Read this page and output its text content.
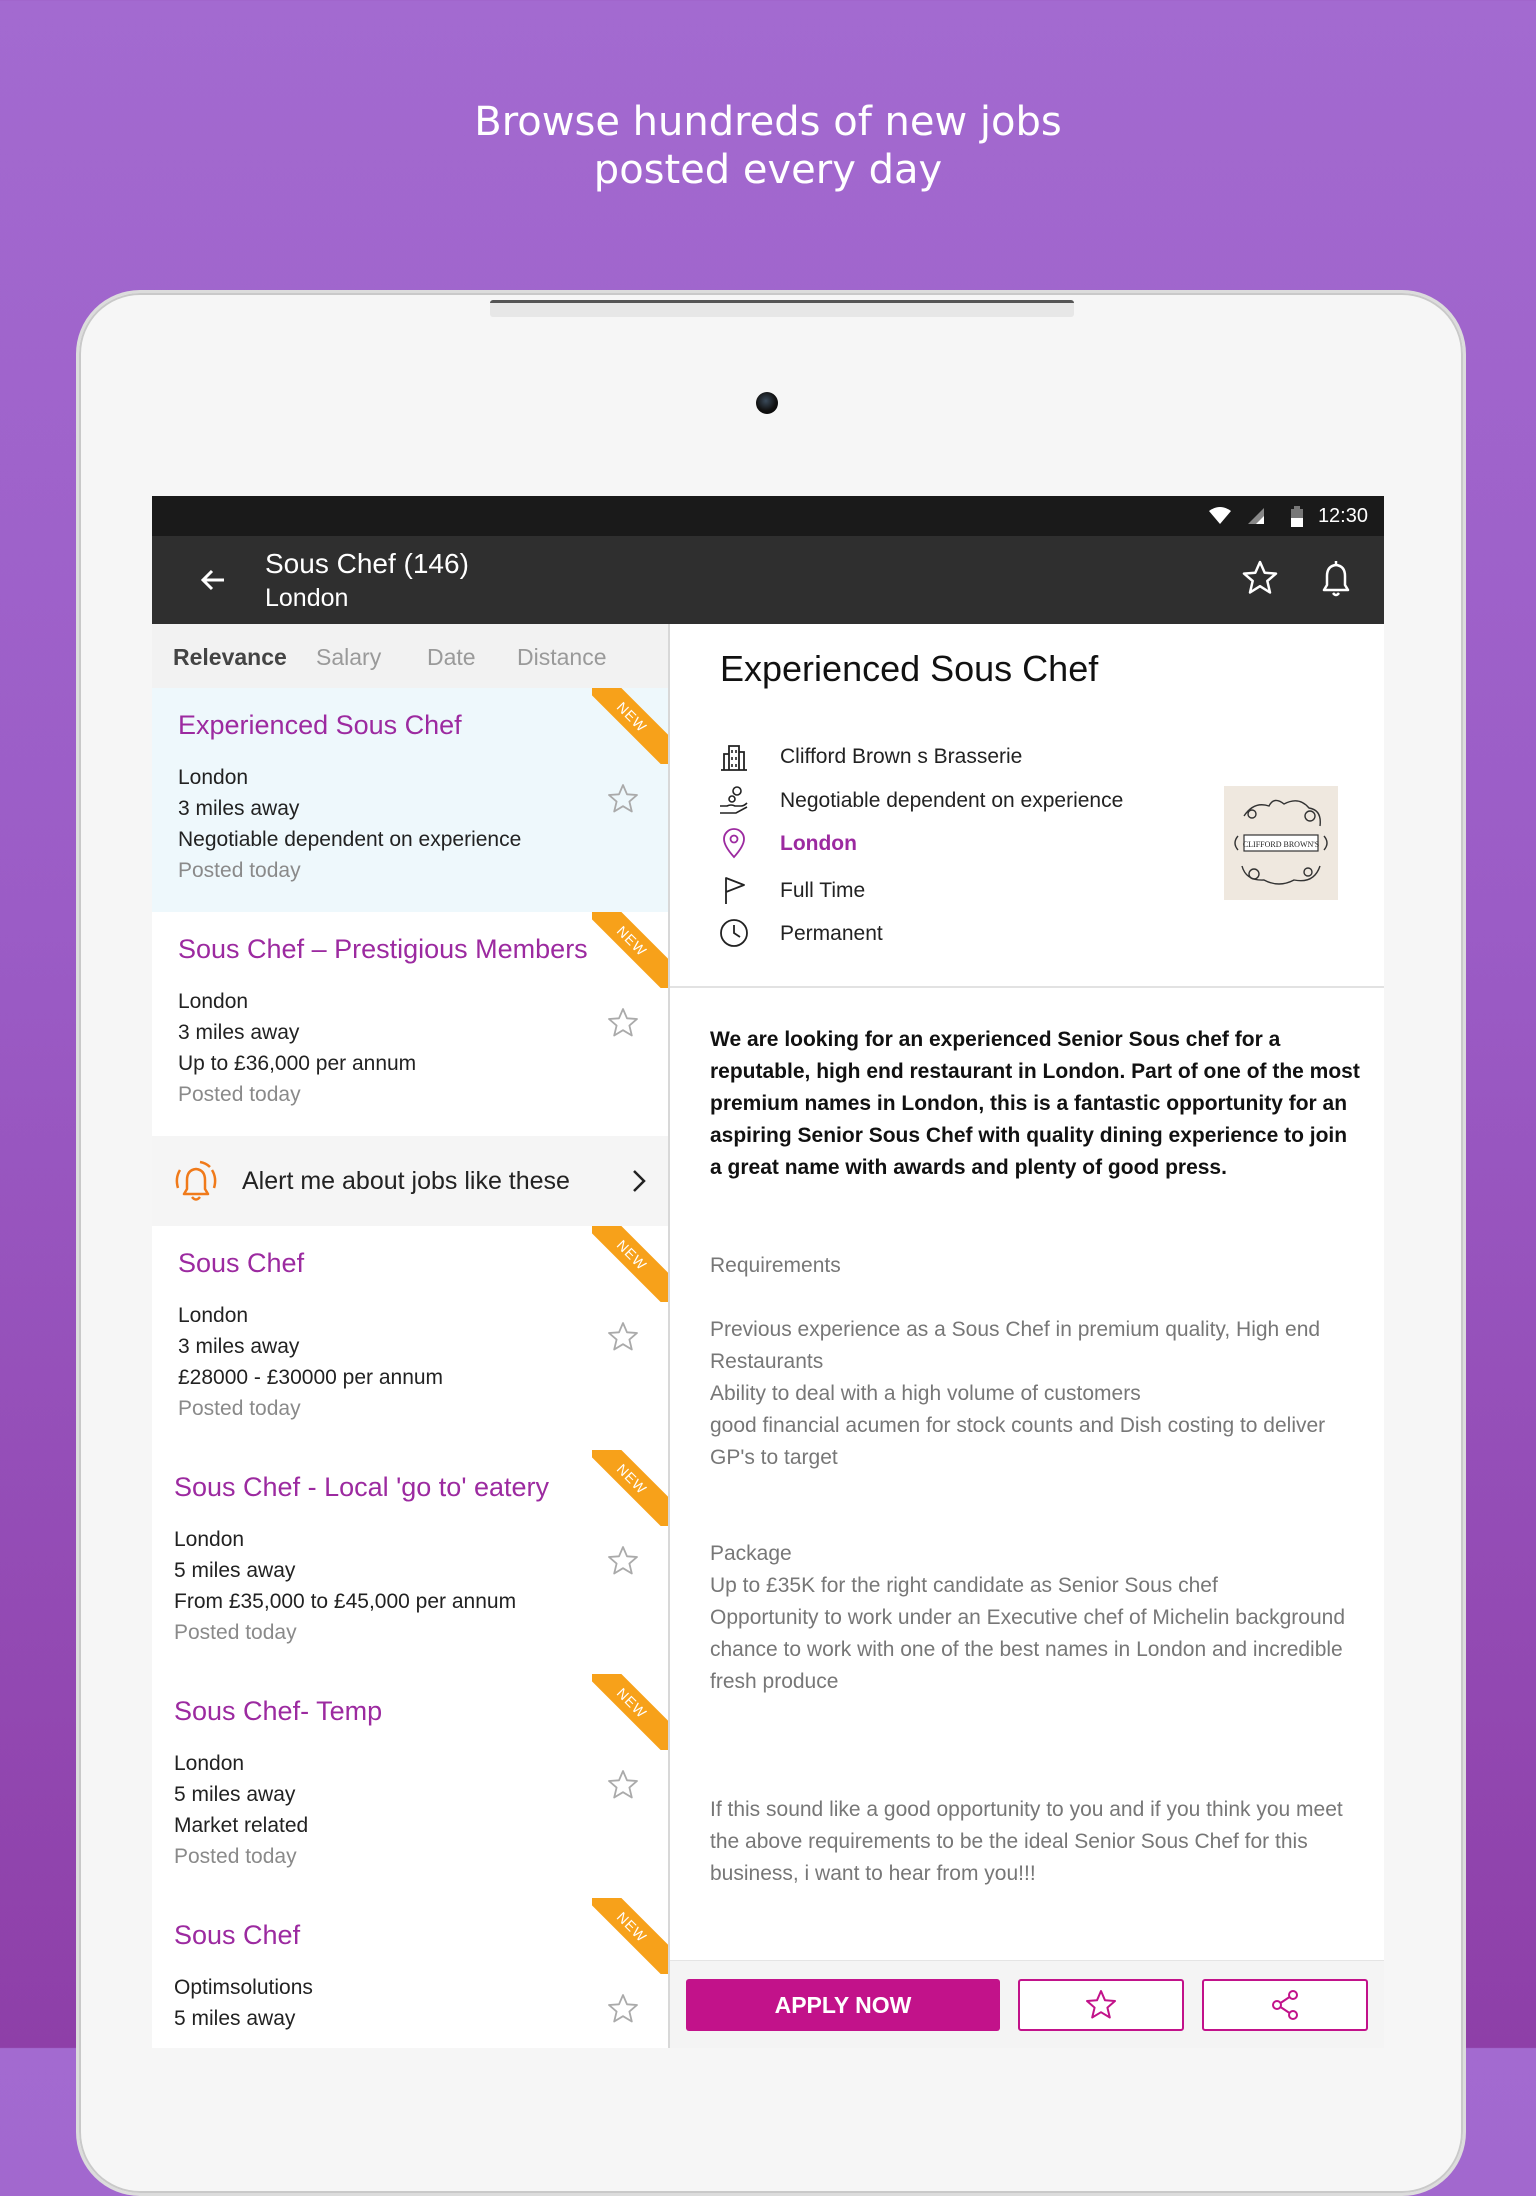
Browse hundreds of new jobs
posted every day
12:30
Sous Chef (146)
London
Relevance Salary Date Distance
Experienced Sous Chef
London
3 miles away
Negotiable dependent on experience
Posted today
NEW
Sous Chef – Prestigious Members
London
3 miles away
Up to £36,000 per annum
Posted today
NEW
Alert me about jobs like these
Sous Chef
London
3 miles away
£28000 - £30000 per annum
Posted today
NEW
Sous Chef - Local 'go to' eatery
London
5 miles away
From £35,000 to £45,000 per annum
Posted today
NEW
Sous Chef- Temp
London
5 miles away
Market related
Posted today
NEW
Sous Chef
Optimsolutions
5 miles away
NEW
Experienced Sous Chef
Clifford Brown s Brasserie
Negotiable dependent on experience
London
Full Time
Permanent
CLIFFORD BROWN'S
We are looking for an experienced Senior Sous chef for a reputable, high end restaurant in London. Part of one of the most premium names in London, this is a fantastic opportunity for an aspiring Senior Sous Chef with quality dining experience to join a great name with awards and plenty of good press.
Requirements
Previous experience as a Sous Chef in premium quality, High end Restaurants
Ability to deal with a high volume of customers
good financial acumen for stock counts and Dish costing to deliver GP's to target
Package
Up to £35K for the right candidate as Senior Sous chef
Opportunity to work under an Executive chef of Michelin background
chance to work with one of the best names in London and incredible fresh produce
If this sound like a good opportunity to you and if you think you meet the above requirements to be the ideal Senior Sous Chef for this business, i want to hear from you!!!
APPLY NOW
